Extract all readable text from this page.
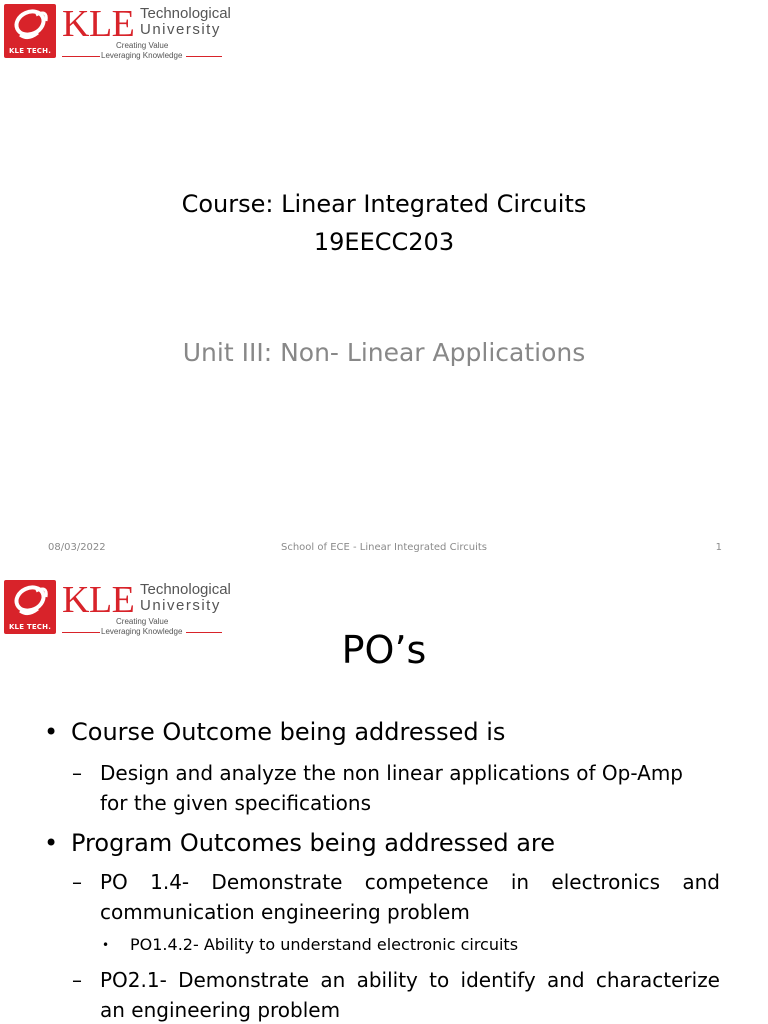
KLE TECH.
KLE Technological
University
Creating Value
Leveraging Knowledge
Course: Linear Integrated Circuits
19EECC203
Unit III: Non- Linear Applications
08/03/2022	School of ECE - Linear Integrated Circuits	1
KLE TECH.
KLE Technological
University
Creating Value
Leveraging Knowledge	PO’s
• Course Outcome being addressed is
– Design and analyze the non linear applications of Op-Amp
for the given specifications
• Program Outcomes being addressed are
– PO 1.4- Demonstrate competence in electronics and
communication engineering problem
• PO1.4.2- Ability to understand electronic circuits
– PO2.1- Demonstrate an ability to identify and characterize
an engineering problem
